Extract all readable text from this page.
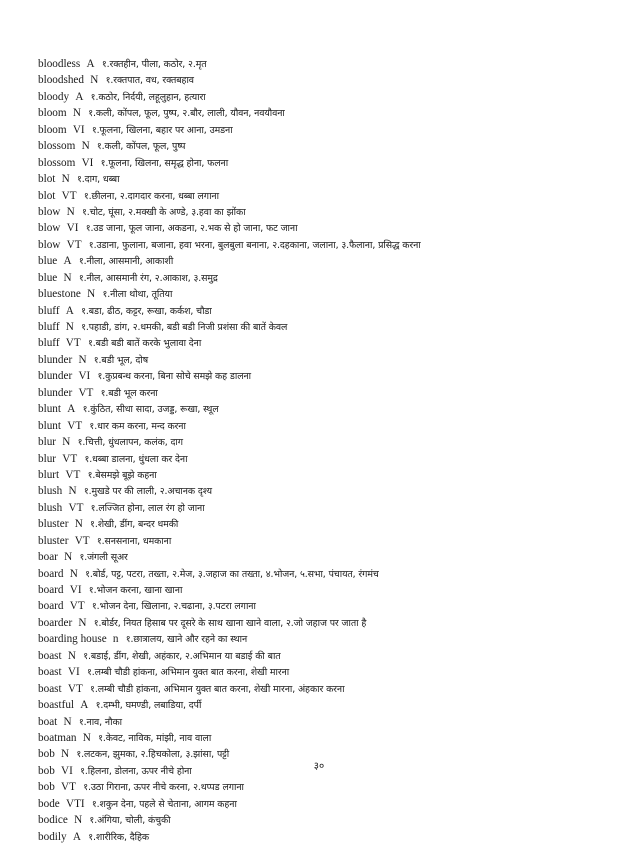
bloodless A १.रक्तहीन, पीला, कठोर, २.मृत
bloodshed N १.रक्तपात, वध, रक्तबहाव
bloody A १.कठोर, निर्दयी, लहूलुहान, हत्यारा
bloom N १.कली, कोंपल, फूल, पुष्प, २.बौर, लाली, यौवन, नवयौवना
bloom VI १.फूलना, खिलना, बहार पर आना, उमडना
blossom N १.कली, कोंपल, फूल, पुष्प
blossom VI १.फूलना, खिलना, समृद्ध होना, फलना
blot N १.दाग, धब्बा
blot VT १.छीलना, २.दागदार करना, धब्बा लगाना
blow N १.चोट, घूंसा, २.मक्खी के अण्डे, ३.हवा का झोंका
blow VI १.उड जाना, फूल जाना, अकडना, २.भक से हो जाना, फट जाना
blow VT १.उडाना, फुलाना, बजाना, हवा भरना, बुलबुला बनाना, २.दहकाना, जलाना, ३.फैलाना, प्रसिद्ध करना
blue A १.नीला, आसमानी, आकाशी
blue N १.नील, आसमानी रंग, २.आकाश, ३.समुद्र
bluestone N १.नीला थोथा, तूतिया
bluff A १.बडा, ढीठ, कट्टर, रूखा, कर्कश, चौडा
bluff N १.पहाडी, डांग, २.धमकी, बडी बडी निजी प्रशंसा की बातें केवल
bluff VT १.बडी बडी बातें करके भुलावा देना
blunder N १.बडी भूल, दोष
blunder VI १.कुप्रबन्ध करना, बिना सोचे समझे कह डालना
blunder VT १.बडी भूल करना
blunt A १.कुंठित, सीधा सादा, उजड्ड, रूखा, स्थूल
blunt VT १.धार कम करना, मन्द करना
blur N १.चित्ती, धुंधलापन, कलंक, दाग
blur VT १.धब्बा डालना, धुंधला कर देना
blurt VT १.बेसमझे बूझे कहना
blush N १.मुखडे पर की लाली, २.अचानक दृश्य
blush VT १.लज्जित होना, लाल रंग हो जाना
bluster N १.शेखी, डींग, बन्दर धमकी
bluster VT १.सनसनाना, धमकाना
boar N १.जंगली सूअर
board N १.बोर्ड, पट्ट, पटरा, तख्ता, २.मेज, ३.जहाज का तख्ता, ४.भोजन, ५.सभा, पंचायत, रंगमंच
board VI १.भोजन करना, खाना खाना
board VT १.भोजन देना, खिलाना, २.चढाना, ३.पटरा लगाना
boarder N १.बोर्डर, नियत हिसाब पर दूसरे के साथ खाना खाने वाला, २.जो जहाज पर जाता है
boarding house n १.छात्रालय, खाने और रहने का स्थान
boast N १.बडाई, डींग, शेखी, अहंकार, २.अभिमान या बडाई की बात
boast VI १.लम्बी चौडी हांकना, अभिमान युक्त बात करना, शेखी मारना
boast VT १.लम्बी चौडी हांकना, अभिमान युक्त बात करना, शेखी मारना, अंहकार करना
boastful A १.दम्भी, घमण्डी, लबाडिया, दर्पी
boat N १.नाव, नौका
boatman N १.केवट, नाविक, मांझी, नाव वाला
bob N १.लटकन, झुमका, २.हिचकोला, ३.झांसा, पट्टी
bob VI १.हिलना, डोलना, ऊपर नीचे होना
bob VT १.उठा गिराना, ऊपर नीचे करना, २.थप्पड लगाना
bode VTI १.शकुन देना, पहले से चेताना, आगम कहना
bodice N १.अंगिया, चोली, कंचुकी
bodily A १.शारीरिक, दैहिक
३०
